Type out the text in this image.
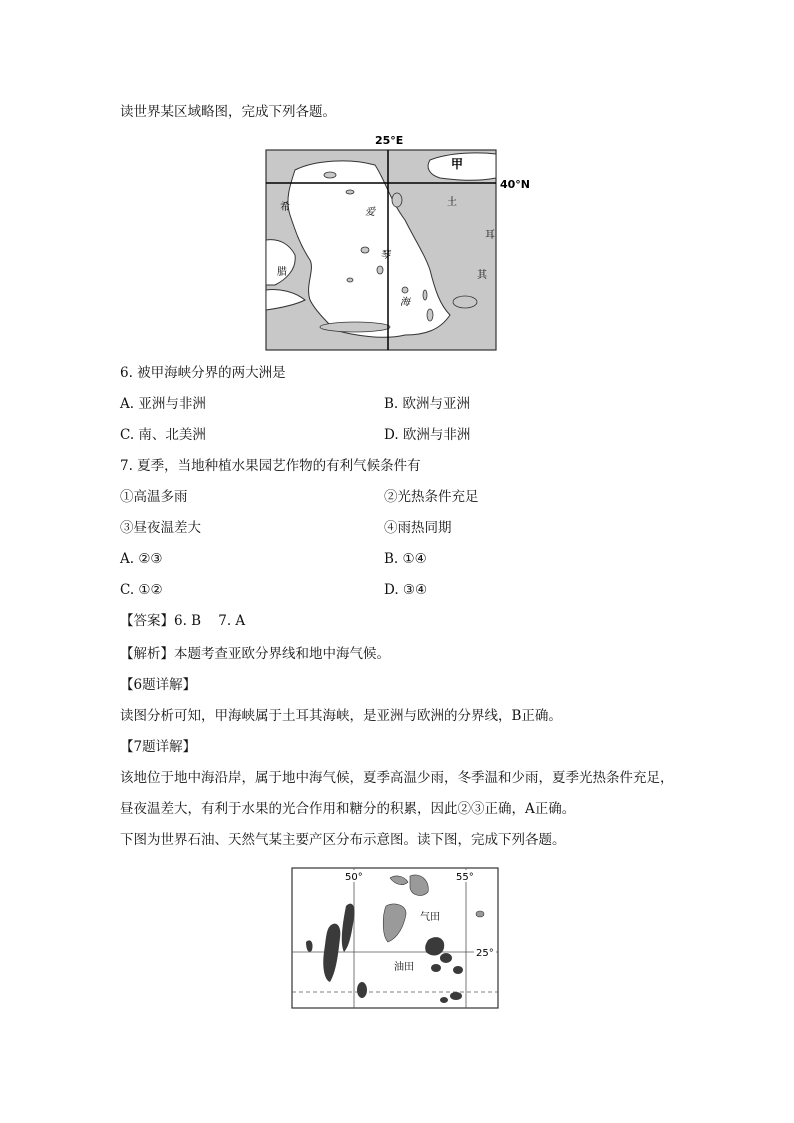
读世界某区域略图，完成下列各题。
25°E
40°N
甲
希
腊
爱
琴
海
土
耳
其
6. 被甲海峡分界的两大洲是
A. 亚洲与非洲	B. 欧洲与亚洲
C. 南、北美洲	D. 欧洲与非洲
7. 夏季，当地种植水果园艺作物的有利气候条件有
①高温多雨	②光热条件充足
③昼夜温差大	④雨热同期
A. ②③	B. ①④
C. ①②	D. ③④
【答案】6. B    7. A
【解析】本题考查亚欧分界线和地中海气候。
【6题详解】
读图分析可知，甲海峡属于土耳其海峡，是亚洲与欧洲的分界线，B正确。
【7题详解】
该地位于地中海沿岸，属于地中海气候，夏季高温少雨，冬季温和少雨，夏季光热条件充足，
昼夜温差大，有利于水果的光合作用和糖分的积累，因此②③正确，A正确。
下图为世界石油、天然气某主要产区分布示意图。读下图，完成下列各题。
50°	55°
25°
气田
油田
